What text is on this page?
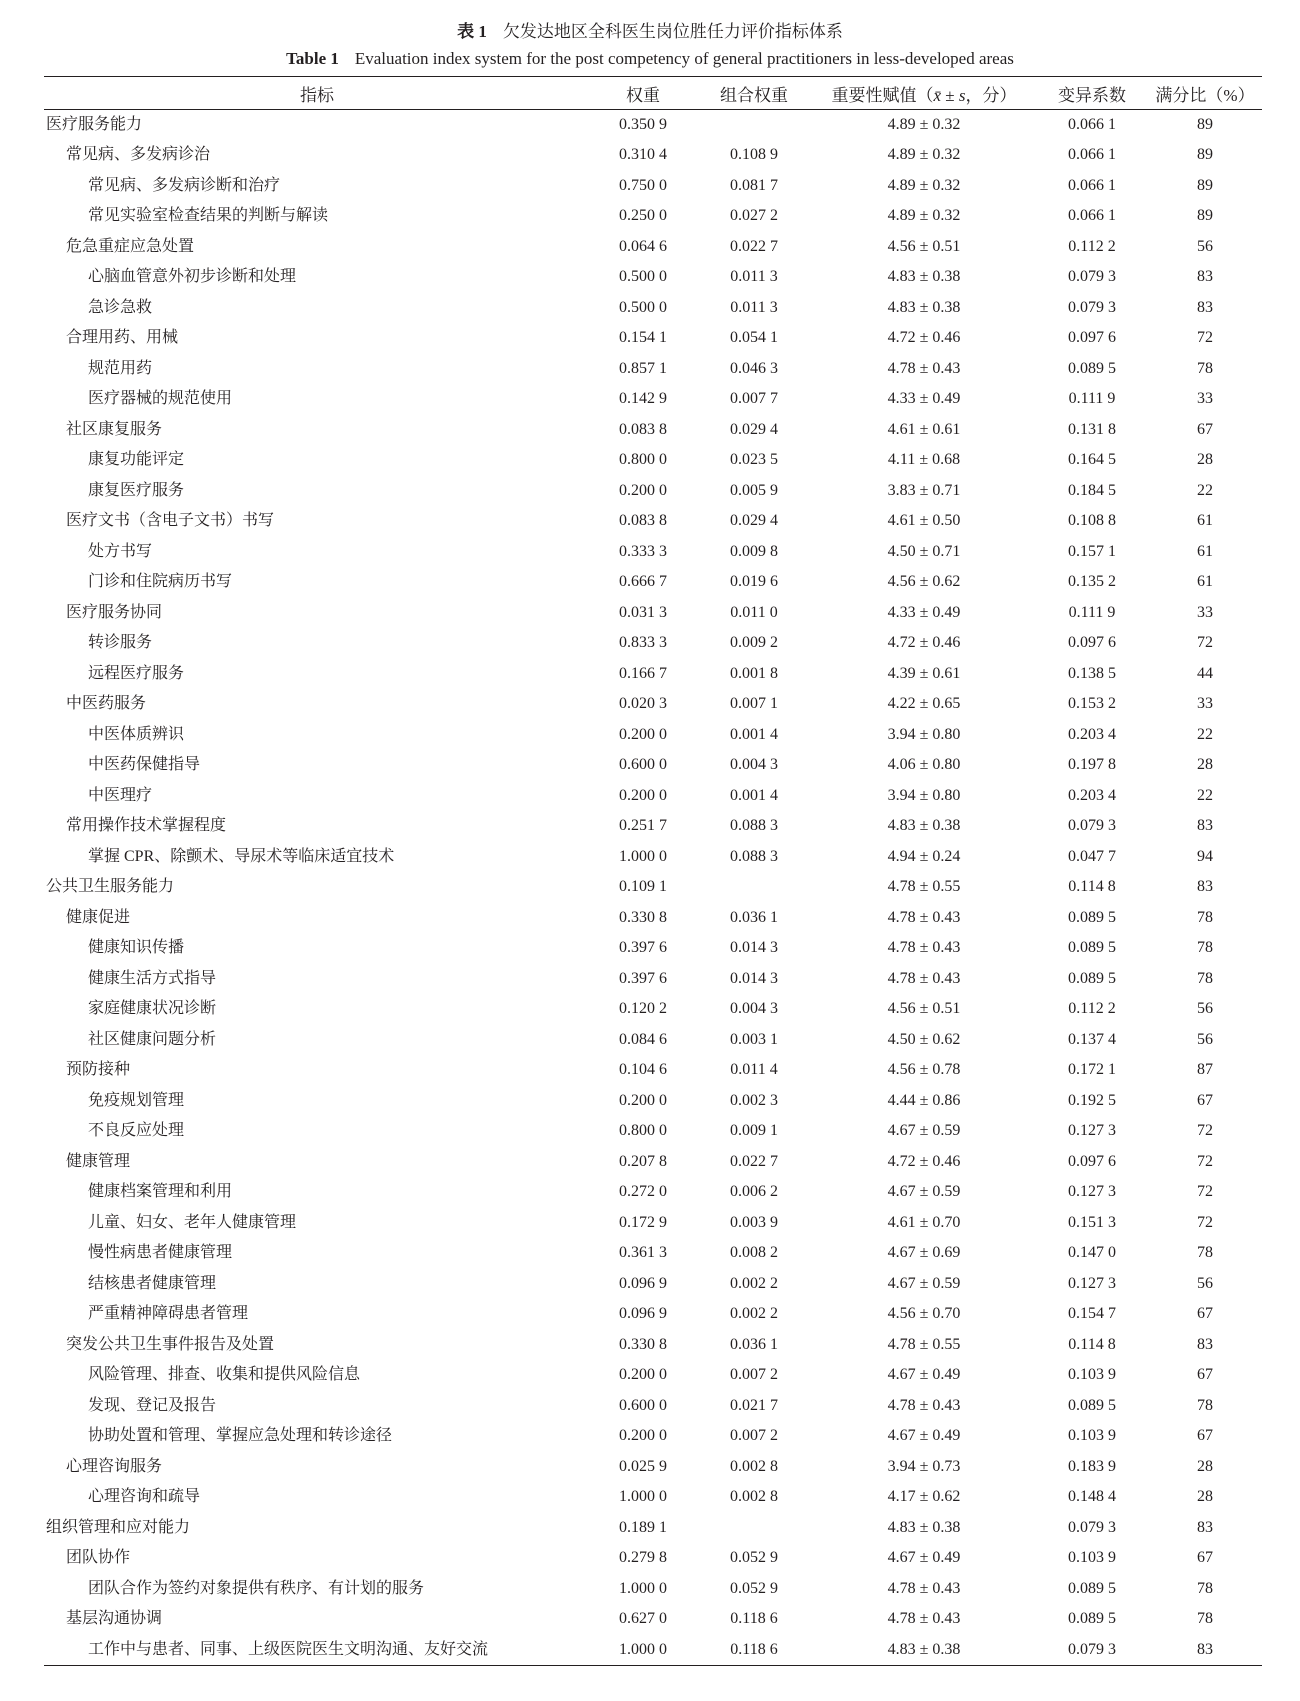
表 1 欠发达地区全科医生岗位胜任力评价指标体系
Table 1 Evaluation index system for the post competency of general practitioners in less-developed areas
指标	权重	组合权重	重要性赋值（x̄ ± s，分）	变异系数	满分比（%）
医疗服务能力	0.350 9		4.89 ± 0.32	0.066 1	89
常见病、多发病诊治	0.310 4	0.108 9	4.89 ± 0.32	0.066 1	89
常见病、多发病诊断和治疗	0.750 0	0.081 7	4.89 ± 0.32	0.066 1	89
常见实验室检查结果的判断与解读	0.250 0	0.027 2	4.89 ± 0.32	0.066 1	89
危急重症应急处置	0.064 6	0.022 7	4.56 ± 0.51	0.112 2	56
心脑血管意外初步诊断和处理	0.500 0	0.011 3	4.83 ± 0.38	0.079 3	83
急诊急救	0.500 0	0.011 3	4.83 ± 0.38	0.079 3	83
合理用药、用械	0.154 1	0.054 1	4.72 ± 0.46	0.097 6	72
规范用药	0.857 1	0.046 3	4.78 ± 0.43	0.089 5	78
医疗器械的规范使用	0.142 9	0.007 7	4.33 ± 0.49	0.111 9	33
社区康复服务	0.083 8	0.029 4	4.61 ± 0.61	0.131 8	67
康复功能评定	0.800 0	0.023 5	4.11 ± 0.68	0.164 5	28
康复医疗服务	0.200 0	0.005 9	3.83 ± 0.71	0.184 5	22
医疗文书（含电子文书）书写	0.083 8	0.029 4	4.61 ± 0.50	0.108 8	61
处方书写	0.333 3	0.009 8	4.50 ± 0.71	0.157 1	61
门诊和住院病历书写	0.666 7	0.019 6	4.56 ± 0.62	0.135 2	61
医疗服务协同	0.031 3	0.011 0	4.33 ± 0.49	0.111 9	33
转诊服务	0.833 3	0.009 2	4.72 ± 0.46	0.097 6	72
远程医疗服务	0.166 7	0.001 8	4.39 ± 0.61	0.138 5	44
中医药服务	0.020 3	0.007 1	4.22 ± 0.65	0.153 2	33
中医体质辨识	0.200 0	0.001 4	3.94 ± 0.80	0.203 4	22
中医药保健指导	0.600 0	0.004 3	4.06 ± 0.80	0.197 8	28
中医理疗	0.200 0	0.001 4	3.94 ± 0.80	0.203 4	22
常用操作技术掌握程度	0.251 7	0.088 3	4.83 ± 0.38	0.079 3	83
掌握 CPR、除颤术、导尿术等临床适宜技术	1.000 0	0.088 3	4.94 ± 0.24	0.047 7	94
公共卫生服务能力	0.109 1		4.78 ± 0.55	0.114 8	83
健康促进	0.330 8	0.036 1	4.78 ± 0.43	0.089 5	78
健康知识传播	0.397 6	0.014 3	4.78 ± 0.43	0.089 5	78
健康生活方式指导	0.397 6	0.014 3	4.78 ± 0.43	0.089 5	78
家庭健康状况诊断	0.120 2	0.004 3	4.56 ± 0.51	0.112 2	56
社区健康问题分析	0.084 6	0.003 1	4.50 ± 0.62	0.137 4	56
预防接种	0.104 6	0.011 4	4.56 ± 0.78	0.172 1	87
免疫规划管理	0.200 0	0.002 3	4.44 ± 0.86	0.192 5	67
不良反应处理	0.800 0	0.009 1	4.67 ± 0.59	0.127 3	72
健康管理	0.207 8	0.022 7	4.72 ± 0.46	0.097 6	72
健康档案管理和利用	0.272 0	0.006 2	4.67 ± 0.59	0.127 3	72
儿童、妇女、老年人健康管理	0.172 9	0.003 9	4.61 ± 0.70	0.151 3	72
慢性病患者健康管理	0.361 3	0.008 2	4.67 ± 0.69	0.147 0	78
结核患者健康管理	0.096 9	0.002 2	4.67 ± 0.59	0.127 3	56
严重精神障碍患者管理	0.096 9	0.002 2	4.56 ± 0.70	0.154 7	67
突发公共卫生事件报告及处置	0.330 8	0.036 1	4.78 ± 0.55	0.114 8	83
风险管理、排查、收集和提供风险信息	0.200 0	0.007 2	4.67 ± 0.49	0.103 9	67
发现、登记及报告	0.600 0	0.021 7	4.78 ± 0.43	0.089 5	78
协助处置和管理、掌握应急处理和转诊途径	0.200 0	0.007 2	4.67 ± 0.49	0.103 9	67
心理咨询服务	0.025 9	0.002 8	3.94 ± 0.73	0.183 9	28
心理咨询和疏导	1.000 0	0.002 8	4.17 ± 0.62	0.148 4	28
组织管理和应对能力	0.189 1		4.83 ± 0.38	0.079 3	83
团队协作	0.279 8	0.052 9	4.67 ± 0.49	0.103 9	67
团队合作为签约对象提供有秩序、有计划的服务	1.000 0	0.052 9	4.78 ± 0.43	0.089 5	78
基层沟通协调	0.627 0	0.118 6	4.78 ± 0.43	0.089 5	78
工作中与患者、同事、上级医院医生文明沟通、友好交流	1.000 0	0.118 6	4.83 ± 0.38	0.079 3	83
